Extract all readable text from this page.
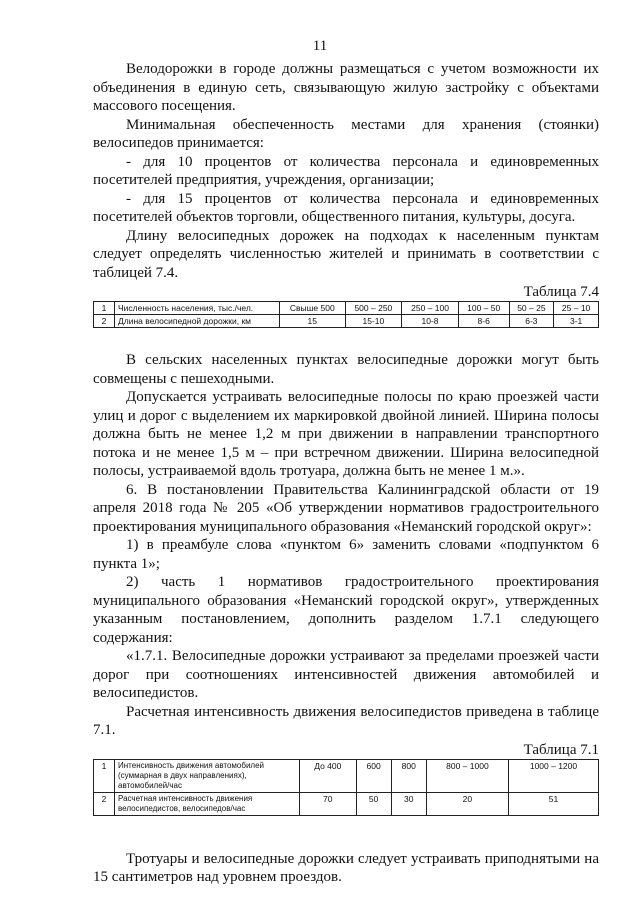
11

Велодорожки в городе должны размещаться с учетом возможности их объединения в единую сеть, связывающую жилую застройку с объектами массового посещения.

Минимальная обеспеченность местами для хранения (стоянки) велосипедов принимается:

- для 10 процентов от количества персонала и единовременных посетителей предприятия, учреждения, организации;

- для 15 процентов от количества персонала и единовременных посетителей объектов торговли, общественного питания, культуры, досуга.

Длину велосипедных дорожек на подходах к населенным пунктам следует определять численностью жителей и принимать в соответствии с таблицей 7.4.

Таблица 7.4
1	Численность населения, тыс./чел.	Свыше 500	500 – 250	250 – 100	100 – 50	50 – 25	25 – 10
2	Длина велосипедной дорожки, км	15	15-10	10-8	8-6	6-3	3-1

В сельских населенных пунктах велосипедные дорожки могут быть совмещены с пешеходными.

Допускается устраивать велосипедные полосы по краю проезжей части улиц и дорог с выделением их маркировкой двойной линией. Ширина полосы должна быть не менее 1,2 м при движении в направлении транспортного потока и не менее 1,5 м – при встречном движении. Ширина велосипедной полосы, устраиваемой вдоль тротуара, должна быть не менее 1 м.».

6. В постановлении Правительства Калининградской области от 19 апреля 2018 года № 205 «Об утверждении нормативов градостроительного проектирования муниципального образования «Неманский городской округ»:

1) в преамбуле слова «пунктом 6» заменить словами «подпунктом 6 пункта 1»;

2) часть 1 нормативов градостроительного проектирования муниципального образования «Неманский городской округ», утвержденных указанным постановлением, дополнить разделом 1.7.1 следующего содержания:

«1.7.1. Велосипедные дорожки устраивают за пределами проезжей части дорог при соотношениях интенсивностей движения автомобилей и велосипедистов.

Расчетная интенсивность движения велосипедистов приведена в таблице 7.1.

Таблица 7.1
1	Интенсивность движения автомобилей (суммарная в двух направлениях), автомобилей/час	До 400	600	800	800 – 1000	1000 – 1200
2	Расчетная интенсивность движения велосипедистов, велосипедов/час	70	50	30	20	51

Тротуары и велосипедные дорожки следует устраивать приподнятыми на 15 сантиметров над уровнем проездов.
